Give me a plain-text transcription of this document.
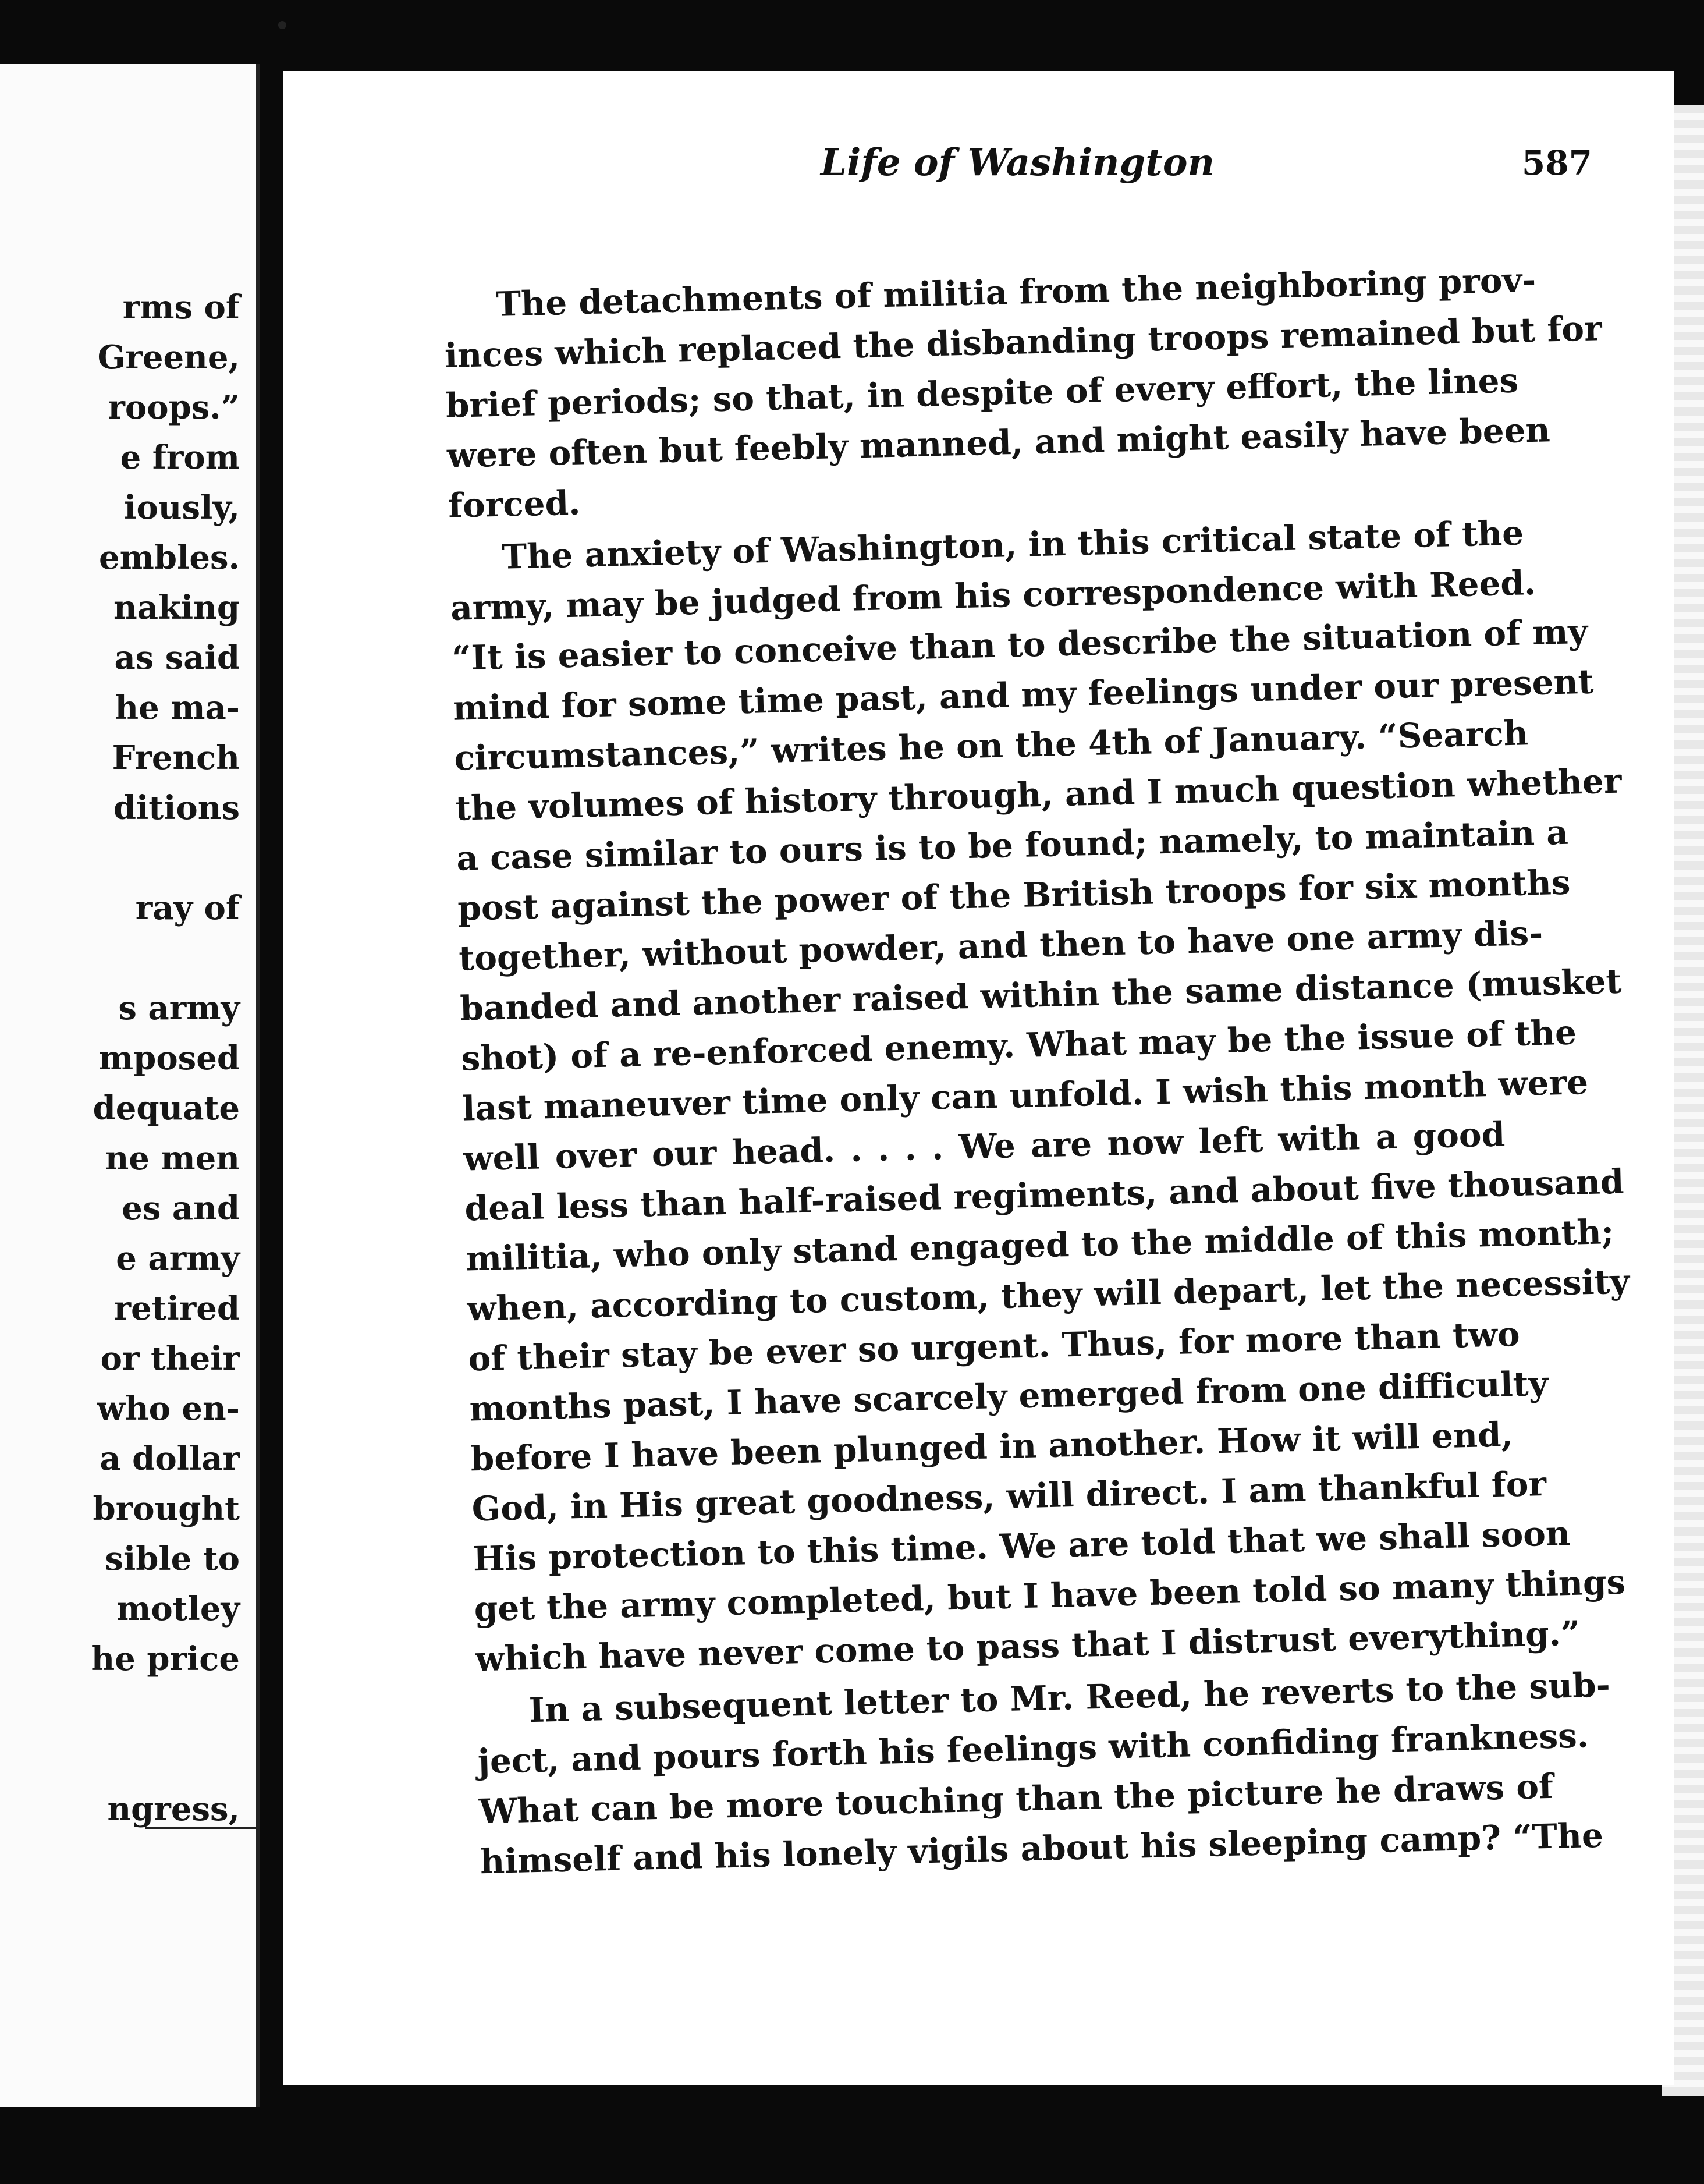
rms of
Greene,
roops.”
e from
iously,
embles.
naking
as said
he ma-
French
ditions
ray of
s army
mposed
dequate
ne men
es and
e army
retired
or their
who en-
a dollar
brought
sible to
motley
he price
ngress,
Life of Washington	587
The detachments of militia from the neighboring prov-
inces which replaced the disbanding troops remained but for
brief periods; so that, in despite of every effort, the lines
were often but feebly manned, and might easily have been
forced.
The anxiety of Washington, in this critical state of the
army, may be judged from his correspondence with Reed.
“It is easier to conceive than to describe the situation of my
mind for some time past, and my feelings under our present
circumstances,” writes he on the 4th of January. “Search
the volumes of history through, and I much question whether
a case similar to ours is to be found; namely, to maintain a
post against the power of the British troops for six months
together, without powder, and then to have one army dis-
banded and another raised within the same distance (musket
shot) of a re-enforced enemy. What may be the issue of the
last maneuver time only can unfold. I wish this month were
well over our head. . . . . We are now left with a good
deal less than half-raised regiments, and about five thousand
militia, who only stand engaged to the middle of this month;
when, according to custom, they will depart, let the necessity
of their stay be ever so urgent. Thus, for more than two
months past, I have scarcely emerged from one difficulty
before I have been plunged in another. How it will end,
God, in His great goodness, will direct. I am thankful for
His protection to this time. We are told that we shall soon
get the army completed, but I have been told so many things
which have never come to pass that I distrust everything.”
In a subsequent letter to Mr. Reed, he reverts to the sub-
ject, and pours forth his feelings with confiding frankness.
What can be more touching than the picture he draws of
himself and his lonely vigils about his sleeping camp? “The
